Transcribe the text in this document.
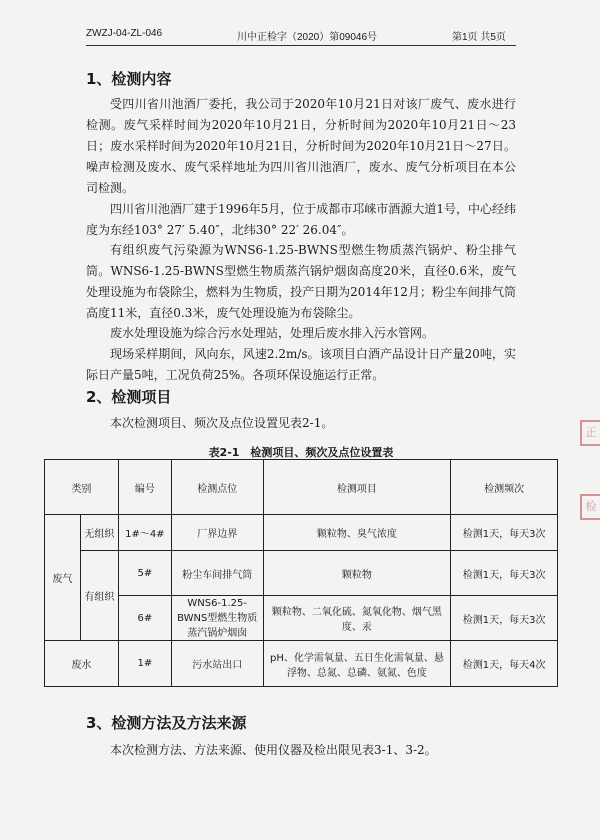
ZWZJ-04-ZL-046	川中正检字（2020）第09046号	第1页 共5页
1、检测内容

受四川省川池酒厂委托，我公司于2020年10月21日对该厂废气、废水进行检测。废气采样时间为2020年10月21日，分析时间为2020年10月21日～23日；废水采样时间为2020年10月21日，分析时间为2020年10月21日～27日。噪声检测及废水、废气采样地址为四川省川池酒厂，废水、废气分析项目在本公司检测。

四川省川池酒厂建于1996年5月，位于成都市邛崃市酒源大道1号，中心经纬度为东经103° 27′ 5.40″，北纬30° 22′ 26.04″。

有组织废气污染源为WNS6-1.25-BWNS型燃生物质蒸汽锅炉、粉尘排气筒。WNS6-1.25-BWNS型燃生物质蒸汽锅炉烟囱高度20米，直径0.6米，废气处理设施为布袋除尘，燃料为生物质，投产日期为2014年12月；粉尘车间排气筒高度11米，直径0.3米，废气处理设施为布袋除尘。

废水处理设施为综合污水处理站，处理后废水排入污水管网。

现场采样期间，风向东，风速2.2m/s。该项目白酒产品设计日产量20吨，实际日产量5吨，工况负荷25%。各项环保设施运行正常。

2、检测项目

本次检测项目、频次及点位设置见表2-1。

表2-1　检测项目、频次及点位设置表
类别		编号	检测点位	检测项目	检测频次
废气	无组织	1#～4#	厂界边界	颗粒物、臭气浓度	检测1天，每天3次
	有组织	5#	粉尘车间排气筒	颗粒物	检测1天，每天3次
		6#	WNS6-1.25-BWNS型燃生物质蒸汽锅炉烟囱	颗粒物、二氧化硫、氮氧化物、烟气黑度、汞	检测1天，每天3次
废水		1#	污水站出口	pH、化学需氧量、五日生化需氧量、悬浮物、总氮、总磷、氨氮、色度	检测1天，每天4次
3、检测方法及方法来源

本次检测方法、方法来源、使用仪器及检出限见表3-1、3-2。

正
检
